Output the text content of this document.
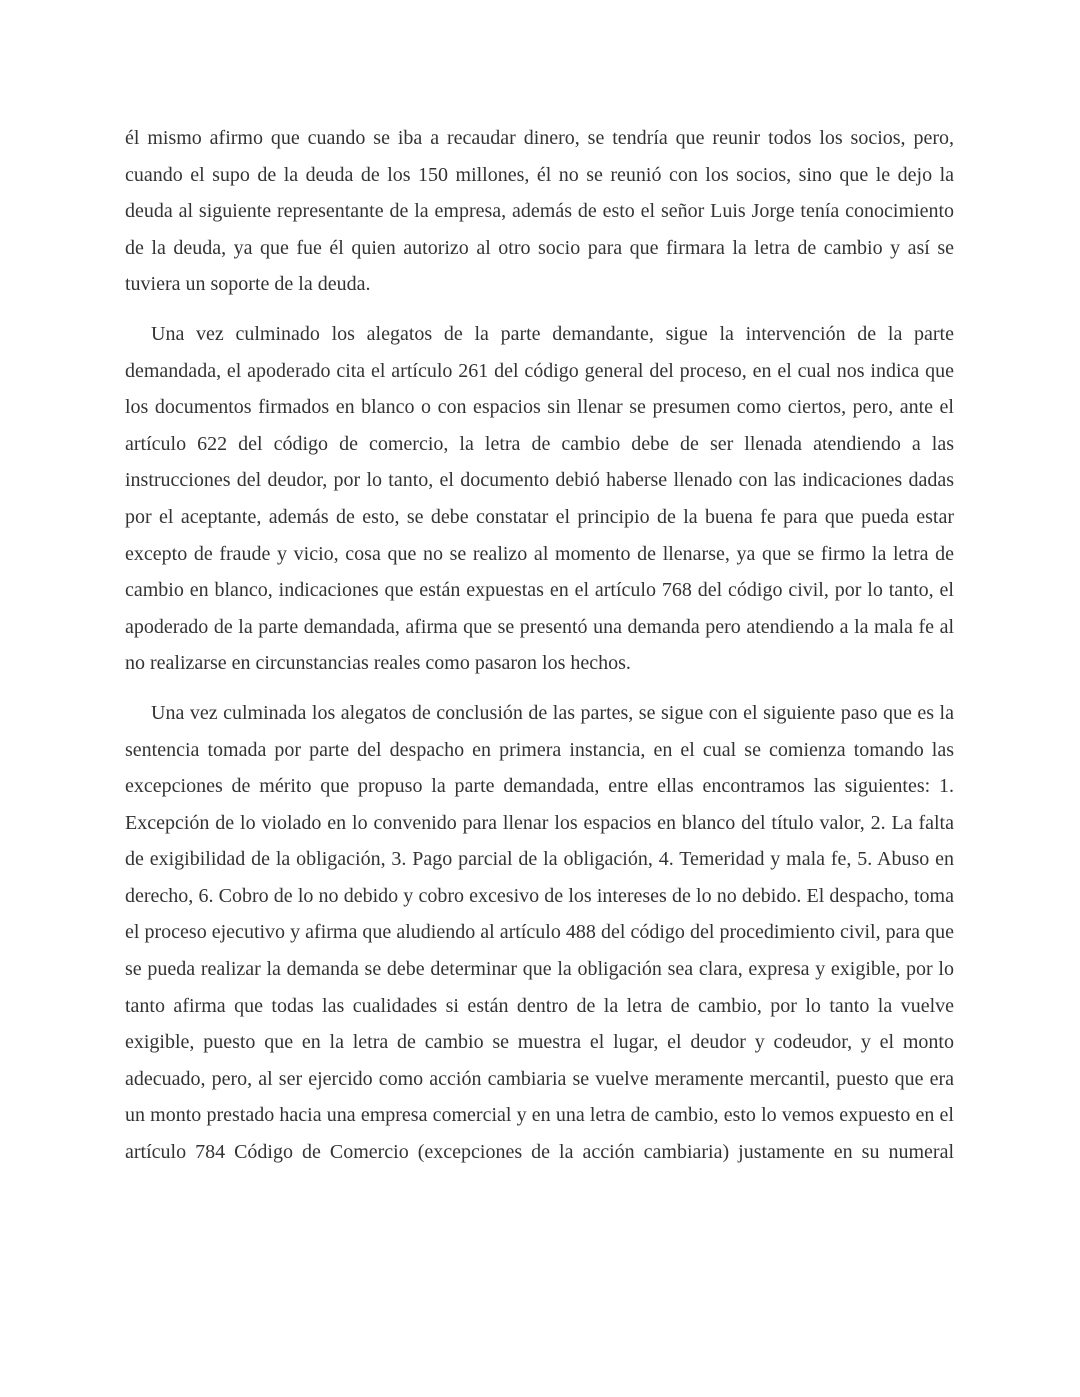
él mismo afirmo que cuando se iba a recaudar dinero, se tendría que reunir todos los socios, pero, cuando el supo de la deuda de los 150 millones, él no se reunió con los socios, sino que le dejo la deuda al siguiente representante de la empresa, además de esto el señor Luis Jorge tenía conocimiento de la deuda, ya que fue él quien autorizo al otro socio para que firmara la letra de cambio y así se tuviera un soporte de la deuda.

Una vez culminado los alegatos de la parte demandante, sigue la intervención de la parte demandada, el apoderado cita el artículo 261 del código general del proceso, en el cual nos indica que los documentos firmados en blanco o con espacios sin llenar se presumen como ciertos, pero, ante el artículo 622 del código de comercio, la letra de cambio debe de ser llenada atendiendo a las instrucciones del deudor, por lo tanto, el documento debió haberse llenado con las indicaciones dadas por el aceptante, además de esto, se debe constatar el principio de la buena fe para que pueda estar excepto de fraude y vicio, cosa que no se realizo al momento de llenarse, ya que se firmo la letra de cambio en blanco, indicaciones que están expuestas en el artículo 768 del código civil, por lo tanto, el apoderado de la parte demandada, afirma que se presentó una demanda pero atendiendo a la mala fe al no realizarse en circunstancias reales como pasaron los hechos.

Una vez culminada los alegatos de conclusión de las partes, se sigue con el siguiente paso que es la sentencia tomada por parte del despacho en primera instancia, en el cual se comienza tomando las excepciones de mérito que propuso la parte demandada, entre ellas encontramos las siguientes: 1. Excepción de lo violado en lo convenido para llenar los espacios en blanco del título valor, 2. La falta de exigibilidad de la obligación, 3. Pago parcial de la obligación, 4. Temeridad y mala fe, 5. Abuso en derecho, 6. Cobro de lo no debido y cobro excesivo de los intereses de lo no debido. El despacho, toma el proceso ejecutivo y afirma que aludiendo al artículo 488 del código del procedimiento civil, para que se pueda realizar la demanda se debe determinar que la obligación sea clara, expresa y exigible, por lo tanto afirma que todas las cualidades si están dentro de la letra de cambio, por lo tanto la vuelve exigible, puesto que en la letra de cambio se muestra el lugar, el deudor y codeudor, y el monto adecuado, pero, al ser ejercido como acción cambiaria se vuelve meramente mercantil, puesto que era un monto prestado hacia una empresa comercial y en una letra de cambio, esto lo vemos expuesto en el artículo 784 Código de Comercio (excepciones de la acción cambiaria) justamente en su numeral
